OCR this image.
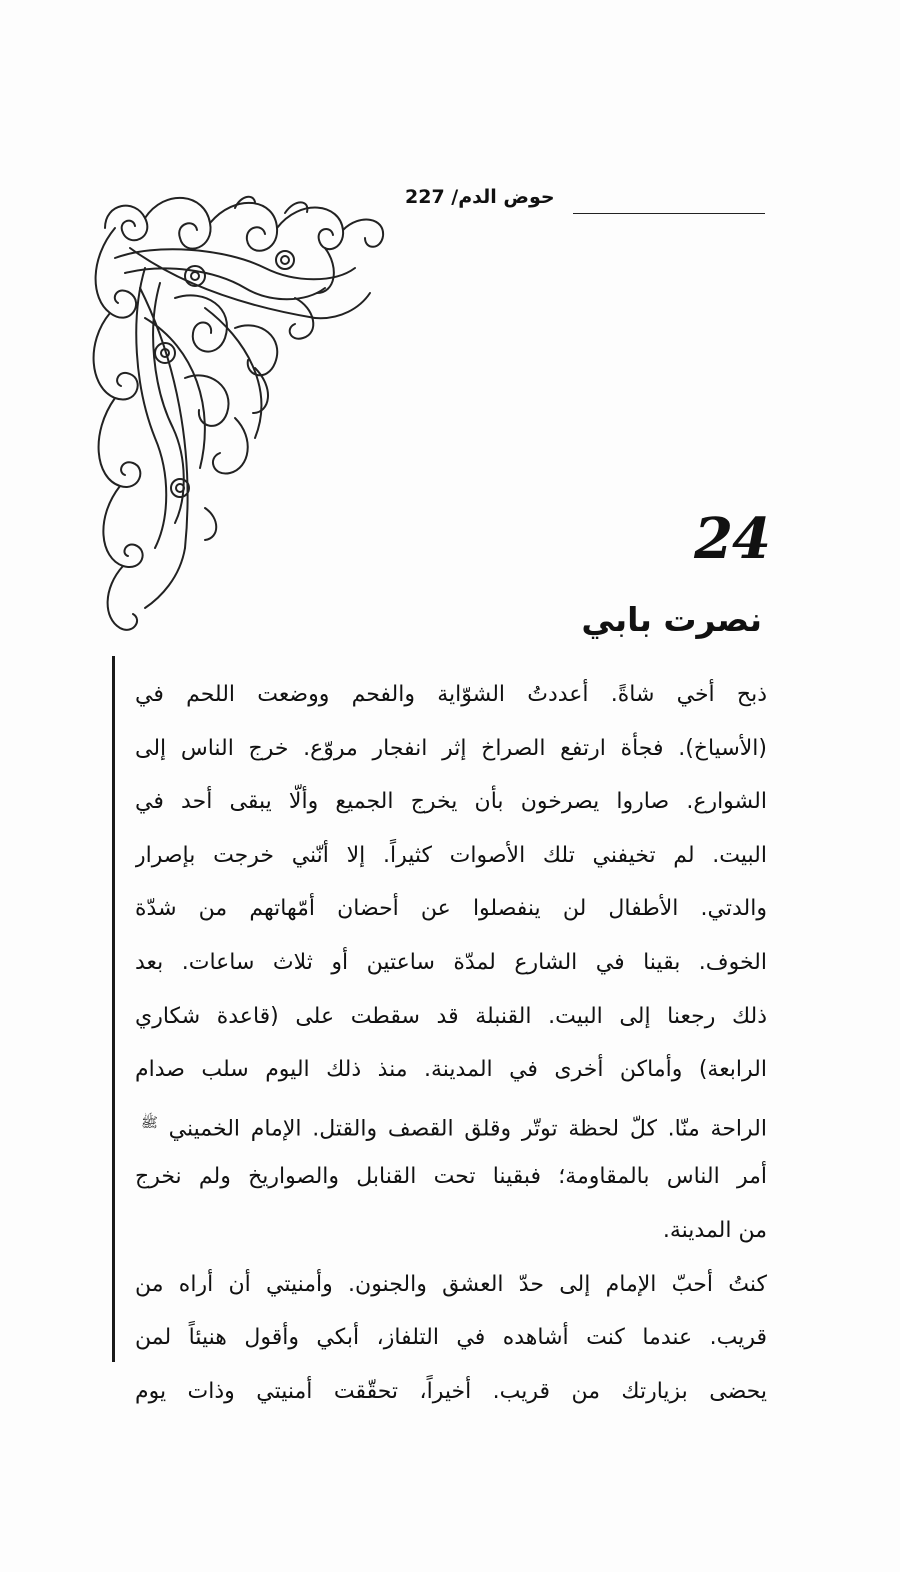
حوض الدم/ 227
24
نصرت بابي
ذبح أخي شاةً. أعددتُ الشوّاية والفحم ووضعت اللحم في
(الأسياخ). فجأة ارتفع الصراخ إثر انفجار مروّع. خرج الناس إلى
الشوارع. صاروا يصرخون بأن يخرج الجميع وألّا يبقى أحد في
البيت. لم تخيفني تلك الأصوات كثيراً. إلا أنّني خرجت بإصرار
والدتي. الأطفال لن ينفصلوا عن أحضان أمّهاتهم من شدّة
الخوف. بقينا في الشارع لمدّة ساعتين أو ثلاث ساعات. بعد
ذلك رجعنا إلى البيت. القنبلة قد سقطت على (قاعدة شكاري
الرابعة) وأماكن أخرى في المدينة. منذ ذلك اليوم سلب صدام
الراحة منّا. كلّ لحظة توتّر وقلق القصف والقتل. الإمام الخميني $^ﷺ$
أمر الناس بالمقاومة؛ فبقينا تحت القنابل والصواريخ ولم نخرج
من المدينة.
كنتُ أحبّ الإمام إلى حدّ العشق والجنون. وأمنيتي أن أراه من
قريب. عندما كنت أشاهده في التلفاز، أبكي وأقول هنيئاً لمن
يحضى بزيارتك من قريب. أخيراً، تحقّقت أمنيتي وذات يوم
